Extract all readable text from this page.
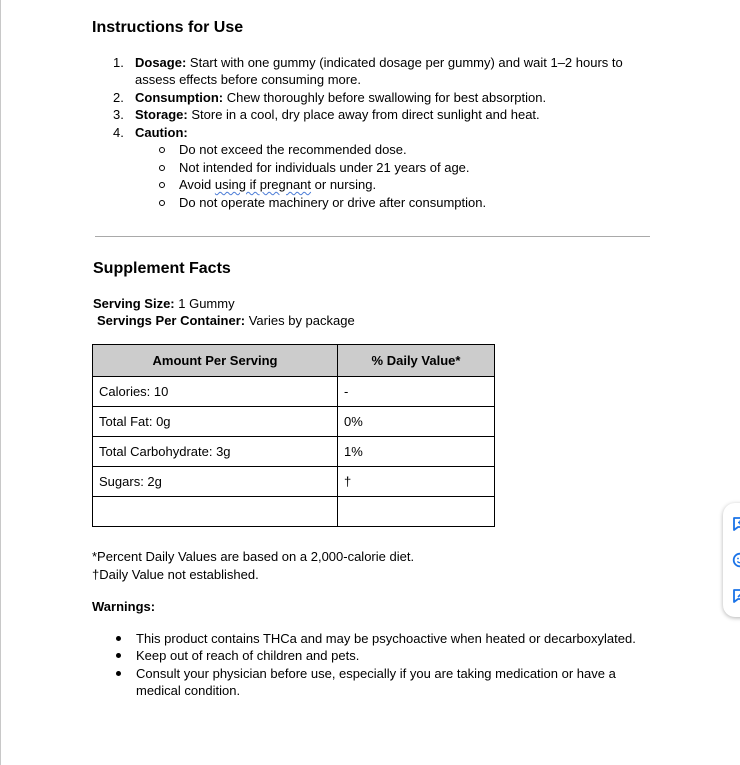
Instructions for Use
1. Dosage: Start with one gummy (indicated dosage per gummy) and wait 1–2 hours to assess effects before consuming more.
2. Consumption: Chew thoroughly before swallowing for best absorption.
3. Storage: Store in a cool, dry place away from direct sunlight and heat.
4. Caution:
Do not exceed the recommended dose.
Not intended for individuals under 21 years of age.
Avoid using if pregnant or nursing.
Do not operate machinery or drive after consumption.
Supplement Facts
Serving Size: 1 Gummy
Servings Per Container: Varies by package
Amount Per Serving	% Daily Value*
Calories: 10	-
Total Fat: 0g	0%
Total Carbohydrate: 3g	1%
Sugars: 2g	†

*Percent Daily Values are based on a 2,000-calorie diet.
†Daily Value not established.
Warnings:
This product contains THCa and may be psychoactive when heated or decarboxylated.
Keep out of reach of children and pets.
Consult your physician before use, especially if you are taking medication or have a medical condition.
